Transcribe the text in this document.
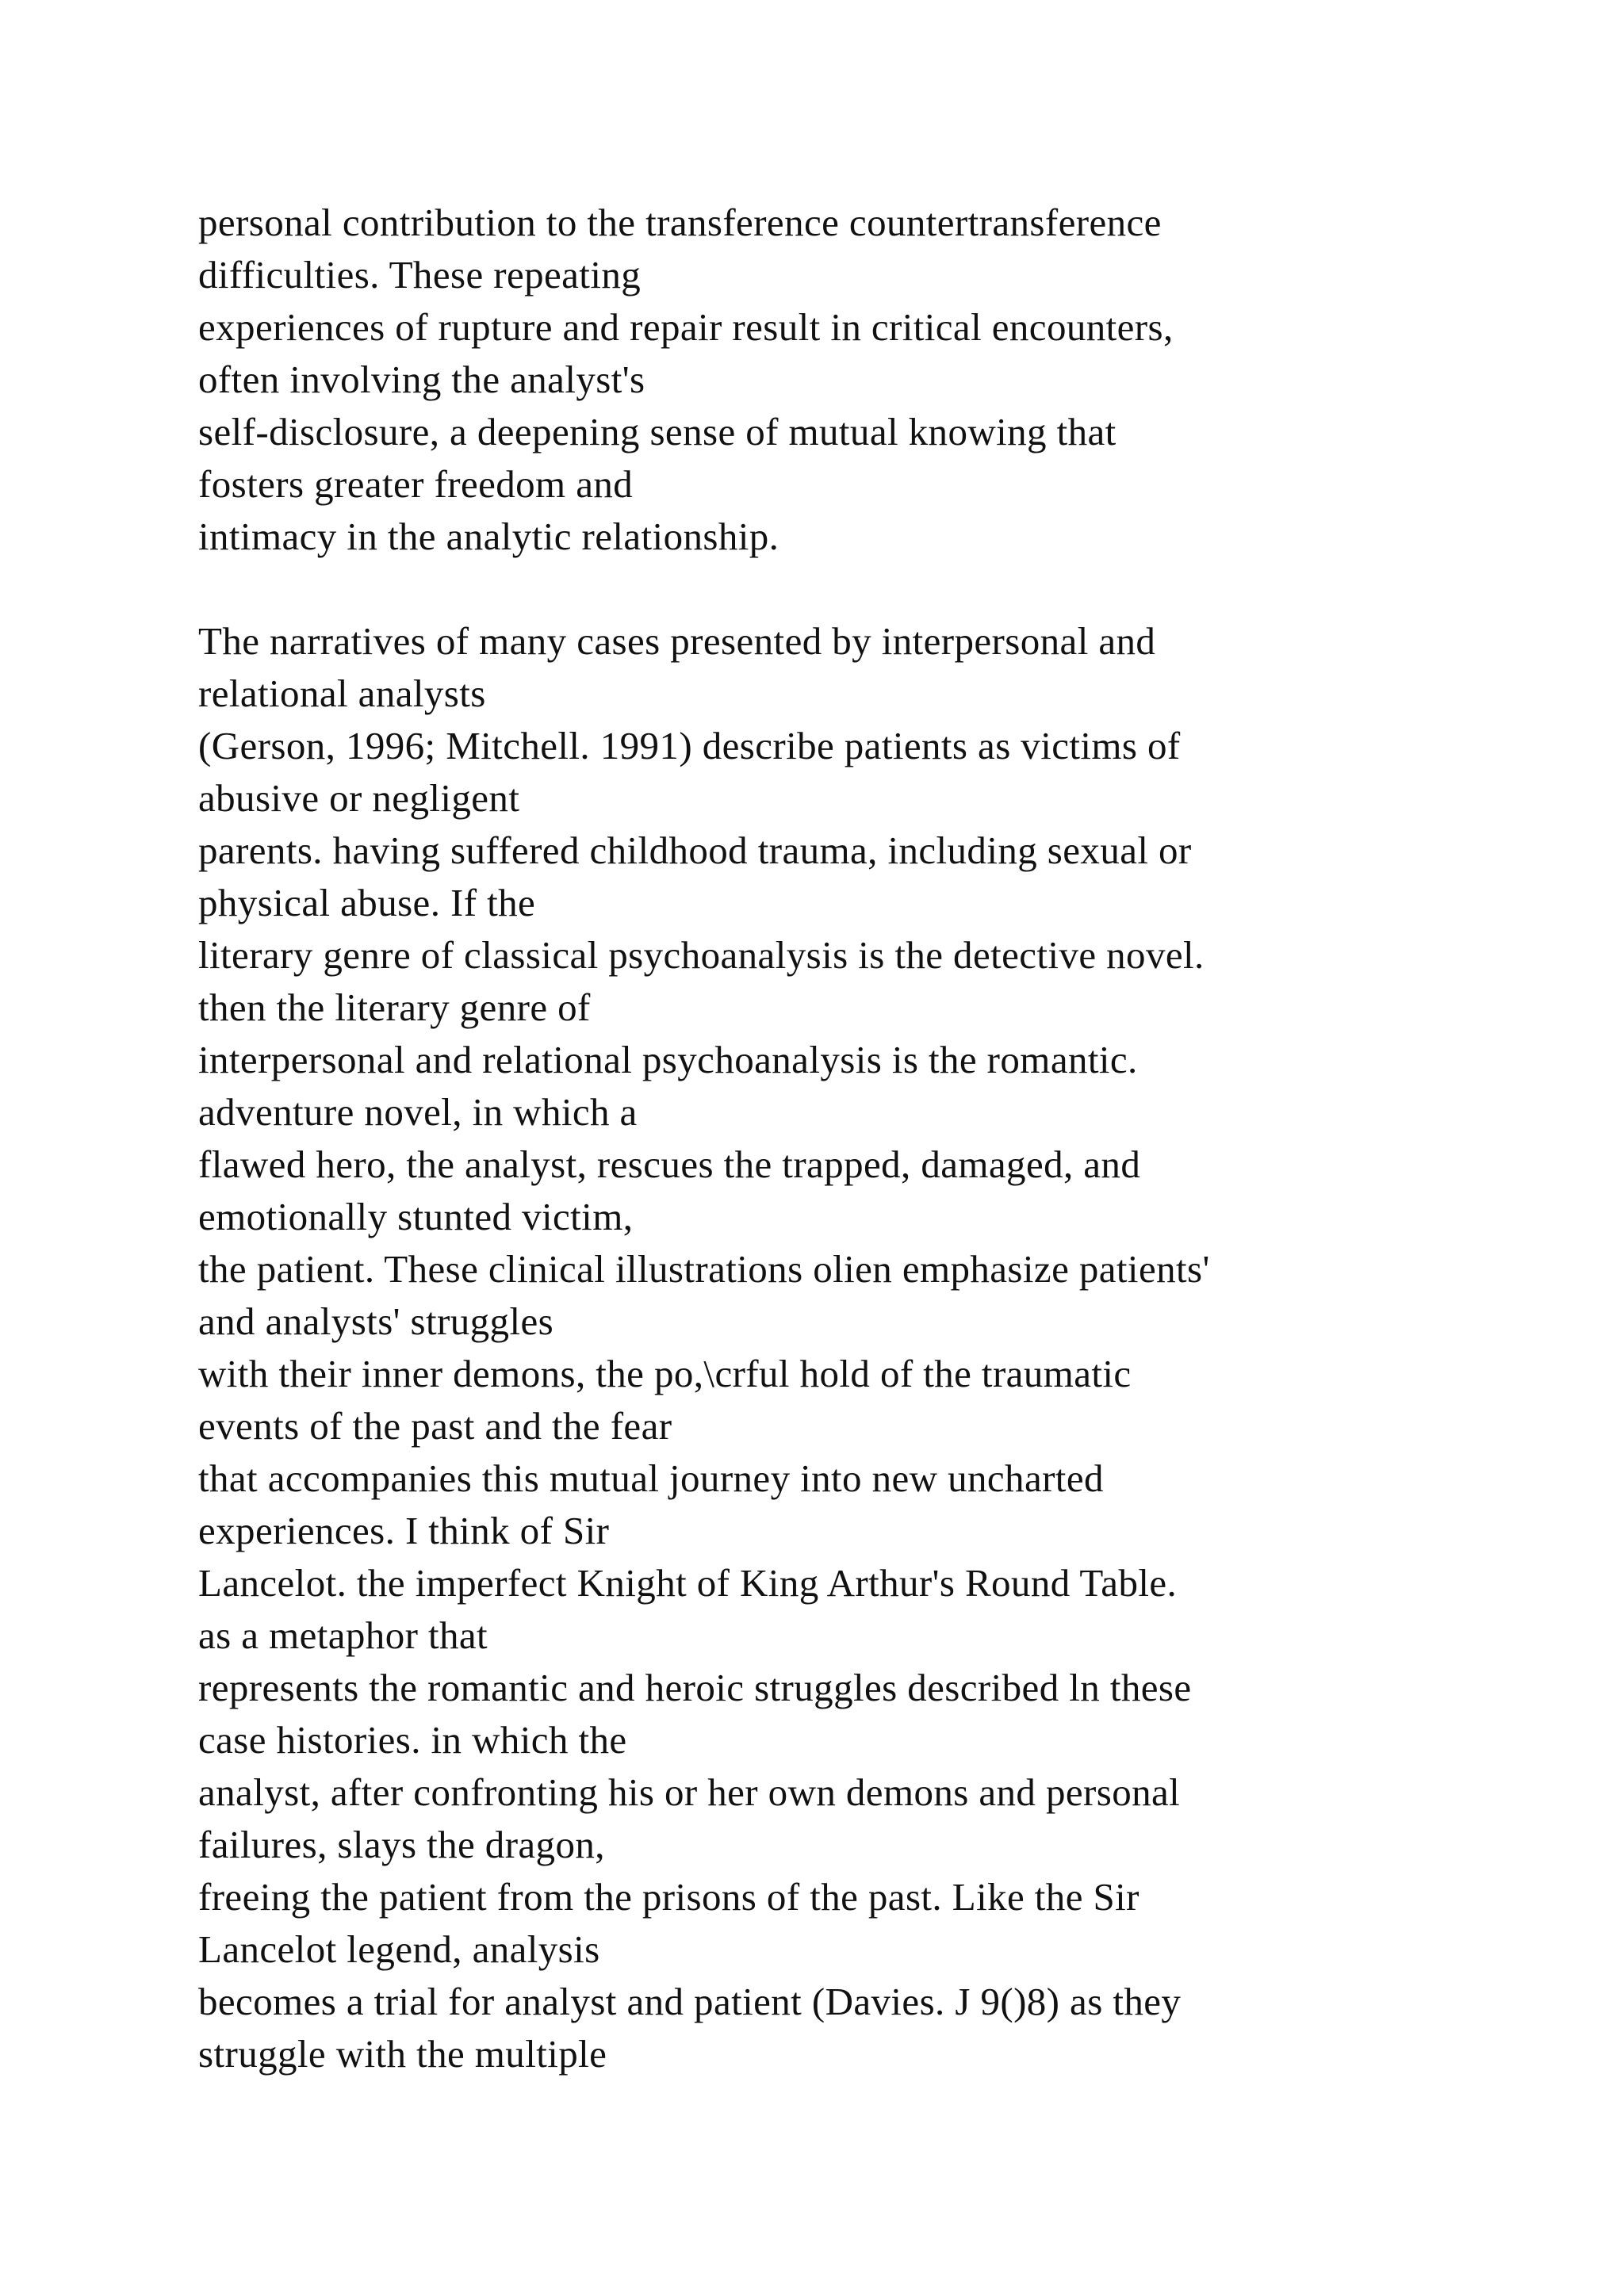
personal contribution to the transference countertransference
difficulties. These repeating
experiences of rupture and repair result in critical encounters,
often involving the analyst's
self-disclosure, a deepening sense of mutual knowing that
fosters greater freedom and
intimacy in the analytic relationship.
The narratives of many cases presented by interpersonal and
relational analysts
(Gerson, 1996; Mitchell. 1991) describe patients as victims of
abusive or negligent
parents. having suffered childhood trauma, including sexual or
physical abuse. If the
literary genre of classical psychoanalysis is the detective novel.
then the literary genre of
interpersonal and relational psychoanalysis is the romantic.
adventure novel, in which a
flawed hero, the analyst, rescues the trapped, damaged, and
emotionally stunted victim,
the patient. These clinical illustrations olien emphasize patients'
and analysts' struggles
with their inner demons, the po,\crful hold of the traumatic
events of the past and the fear
that accompanies this mutual journey into new uncharted
experiences. I think of Sir
Lancelot. the imperfect Knight of King Arthur's Round Table.
as a metaphor that
represents the romantic and heroic struggles described ln these
case histories. in which the
analyst, after confronting his or her own demons and personal
failures, slays the dragon,
freeing the patient from the prisons of the past. Like the Sir
Lancelot legend, analysis
becomes a trial for analyst and patient (Davies. J 9()8) as they
struggle with the multiple
